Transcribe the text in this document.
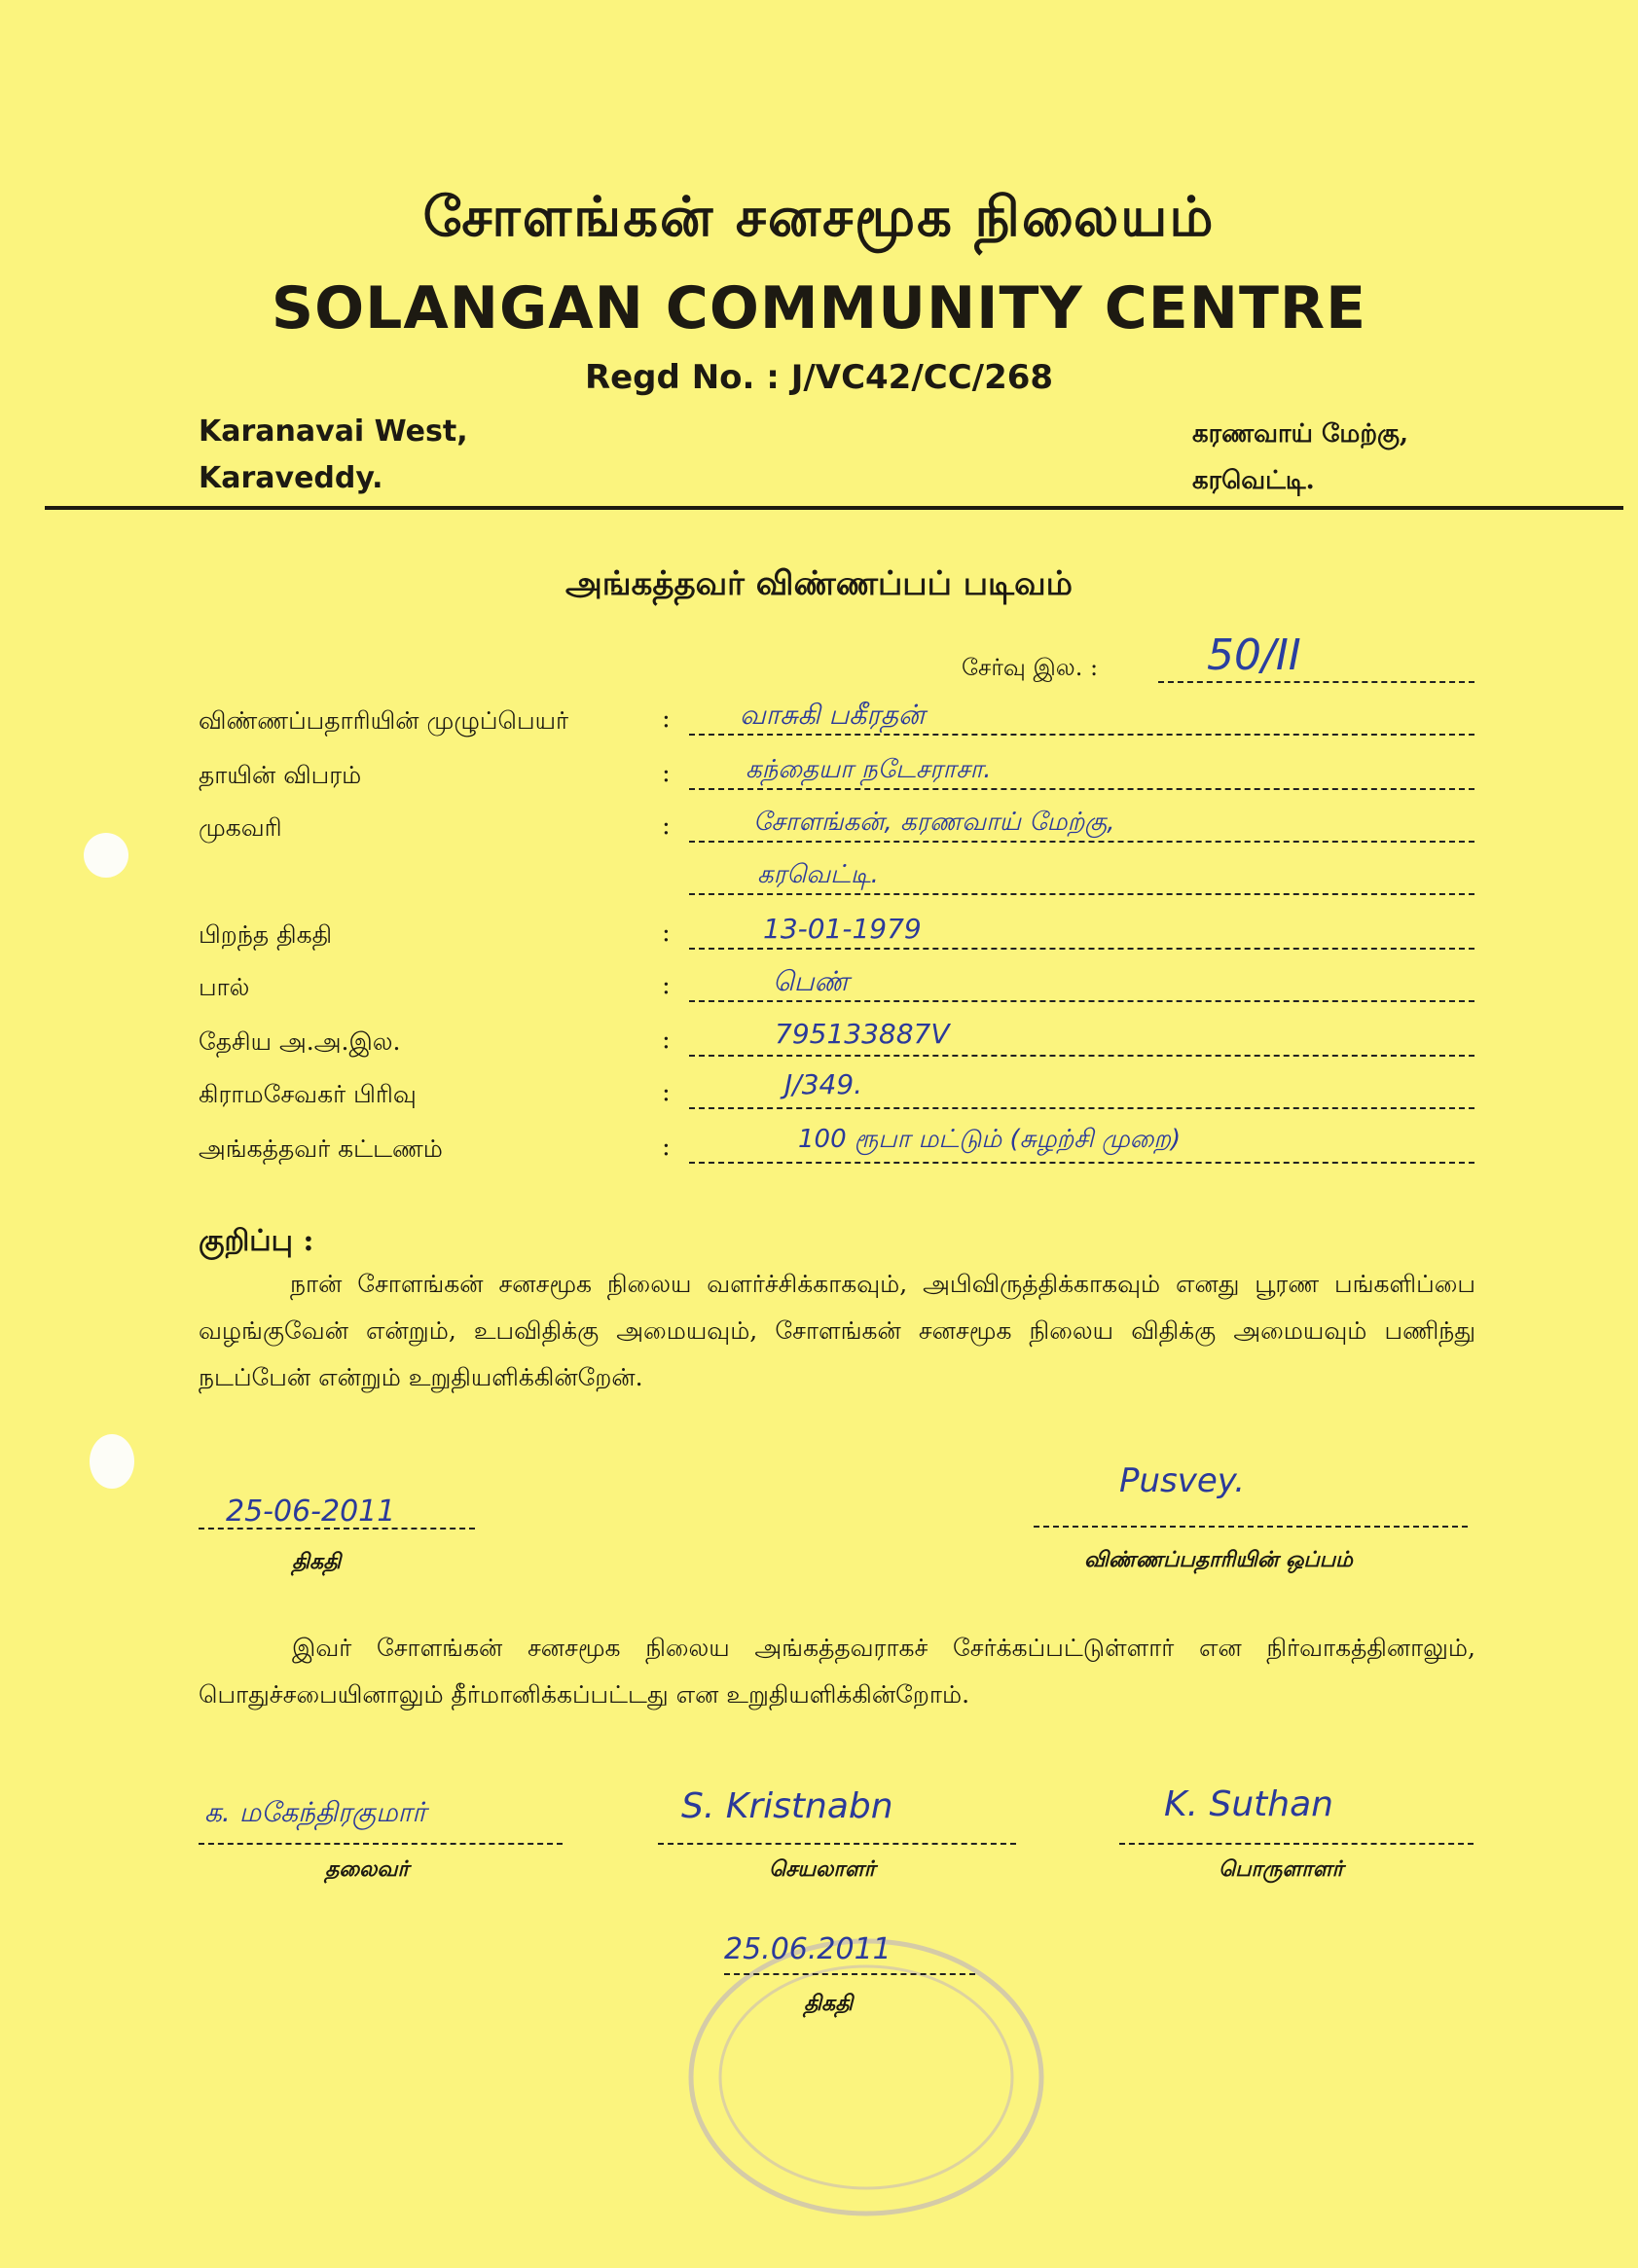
சோளங்கன் சனசமூக நிலையம்
SOLANGAN COMMUNITY CENTRE
Regd No. : J/VC42/CC/268
Karanavai West,
Karaveddy.
கரணவாய் மேற்கு,
கரவெட்டி.
அங்கத்தவர் விண்ணப்பப் படிவம்
சேர்வு இல. :	50/II
விண்ணப்பதாரியின் முழுப்பெயர்	:	வாசுகி பகீரதன்
தாயின் விபரம்	:	கந்தையா நடேசராசா.
முகவரி	:	சோளங்கன், கரணவாய் மேற்கு,
கரவெட்டி.
பிறந்த திகதி	:	13-01-1979
பால்	:	பெண்
தேசிய அ.அ.இல.	:	795133887V
கிராமசேவகர் பிரிவு	:	J/349.
அங்கத்தவர் கட்டணம்	:	100 ரூபா மட்டும் (சுழற்சி முறை)
குறிப்பு :
நான் சோளங்கன் சனசமூக நிலைய வளர்ச்சிக்காகவும், அபிவிருத்திக்காகவும் எனது பூரண பங்களிப்பை வழங்குவேன் என்றும், உபவிதிக்கு அமையவும், சோளங்கன் சனசமூக நிலைய விதிக்கு அமையவும் பணிந்து நடப்பேன் என்றும் உறுதியளிக்கின்றேன்.
25-06-2011
திகதி
Pusvey.
விண்ணப்பதாரியின் ஒப்பம்
இவர் சோளங்கன் சனசமூக நிலைய அங்கத்தவராகச் சேர்க்கப்பட்டுள்ளார் என நிர்வாகத்தினாலும், பொதுச்சபையினாலும் தீர்மானிக்கப்பட்டது என உறுதியளிக்கின்றோம்.
க. மகேந்திரகுமார்
தலைவர்
S. Kristnabn
செயலாளர்
K. Suthan
பொருளாளர்
25.06.2011
திகதி
